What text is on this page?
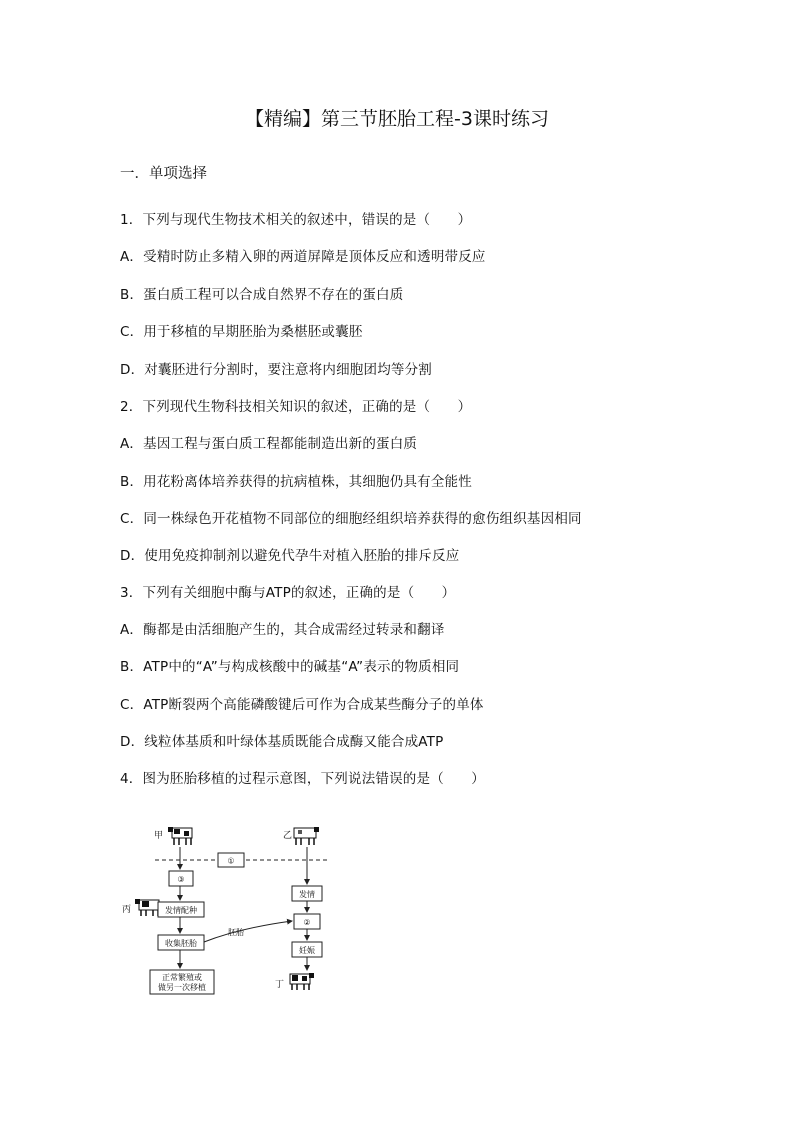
【精编】第三节胚胎工程-3课时练习
一．单项选择
1．下列与现代生物技术相关的叙述中，错误的是（　　）
A．受精时防止多精入卵的两道屏障是顶体反应和透明带反应
B．蛋白质工程可以合成自然界不存在的蛋白质
C．用于移植的早期胚胎为桑椹胚或囊胚
D．对囊胚进行分割时，要注意将内细胞团均等分割
2．下列现代生物科技相关知识的叙述，正确的是（　　）
A．基因工程与蛋白质工程都能制造出新的蛋白质
B．用花粉离体培养获得的抗病植株，其细胞仍具有全能性
C．同一株绿色开花植物不同部位的细胞经组织培养获得的愈伤组织基因相同
D．使用免疫抑制剂以避免代孕牛对植入胚胎的排斥反应
3．下列有关细胞中酶与ATP的叙述，正确的是（　　）
A．酶都是由活细胞产生的，其合成需经过转录和翻译
B．ATP中的“A”与构成核酸中的碱基“A”表示的物质相同
C．ATP断裂两个高能磷酸键后可作为合成某些酶分子的单体
D．线粒体基质和叶绿体基质既能合成酶又能合成ATP
4．图为胚胎移植的过程示意图，下列说法错误的是（　　）
甲	乙
丙
丁
①
③
发情配种
收集胚胎
正常繁殖或
做另一次移植
发情
②
妊娠
胚胎
